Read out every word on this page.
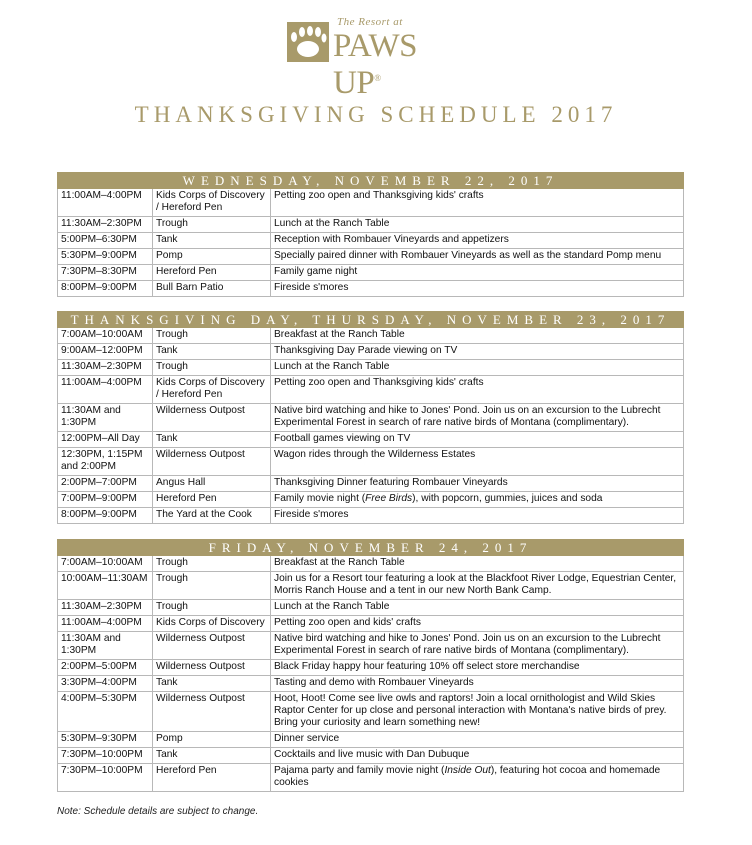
The Resort at
PAWS UP®
THANKSGIVING SCHEDULE 2017
WEDNESDAY, NOVEMBER 22, 2017		
11:00AM–4:00PM	Kids Corps of Discovery / Hereford Pen	Petting zoo open and Thanksgiving kids' crafts
11:30AM–2:30PM	Trough	Lunch at the Ranch Table
5:00PM–6:30PM	Tank	Reception with Rombauer Vineyards and appetizers
5:30PM–9:00PM	Pomp	Specially paired dinner with Rombauer Vineyards as well as the standard Pomp menu
7:30PM–8:30PM	Hereford Pen	Family game night
8:00PM–9:00PM	Bull Barn Patio	Fireside s'mores
THANKSGIVING DAY, THURSDAY, NOVEMBER 23, 2017		
7:00AM–10:00AM	Trough	Breakfast at the Ranch Table
9:00AM–12:00PM	Tank	Thanksgiving Day Parade viewing on TV
11:30AM–2:30PM	Trough	Lunch at the Ranch Table
11:00AM–4:00PM	Kids Corps of Discovery / Hereford Pen	Petting zoo open and Thanksgiving kids' crafts
11:30AM and 1:30PM	Wilderness Outpost	Native bird watching and hike to Jones' Pond. Join us on an excursion to the Lubrecht Experimental Forest in search of rare native birds of Montana (complimentary).
12:00PM–All Day	Tank	Football games viewing on TV
12:30PM, 1:15PM and 2:00PM	Wilderness Outpost	Wagon rides through the Wilderness Estates
2:00PM–7:00PM	Angus Hall	Thanksgiving Dinner featuring Rombauer Vineyards
7:00PM–9:00PM	Hereford Pen	Family movie night (Free Birds), with popcorn, gummies, juices and soda
8:00PM–9:00PM	The Yard at the Cook	Fireside s'mores
FRIDAY, NOVEMBER 24, 2017		
7:00AM–10:00AM	Trough	Breakfast at the Ranch Table
10:00AM–11:30AM	Trough	Join us for a Resort tour featuring a look at the Blackfoot River Lodge, Equestrian Center, Morris Ranch House and a tent in our new North Bank Camp.
11:30AM–2:30PM	Trough	Lunch at the Ranch Table
11:00AM–4:00PM	Kids Corps of Discovery	Petting zoo open and kids' crafts
11:30AM and 1:30PM	Wilderness Outpost	Native bird watching and hike to Jones' Pond. Join us on an excursion to the Lubrecht Experimental Forest in search of rare native birds of Montana (complimentary).
2:00PM–5:00PM	Wilderness Outpost	Black Friday happy hour featuring 10% off select store merchandise
3:30PM–4:00PM	Tank	Tasting and demo with Rombauer Vineyards
4:00PM–5:30PM	Wilderness Outpost	Hoot, Hoot! Come see live owls and raptors! Join a local ornithologist and Wild Skies Raptor Center for up close and personal interaction with Montana's native birds of prey. Bring your curiosity and learn something new!
5:30PM–9:30PM	Pomp	Dinner service
7:30PM–10:00PM	Tank	Cocktails and live music with Dan Dubuque
7:30PM–10:00PM	Hereford Pen	Pajama party and family movie night (Inside Out), featuring hot cocoa and homemade cookies
Note: Schedule details are subject to change.
